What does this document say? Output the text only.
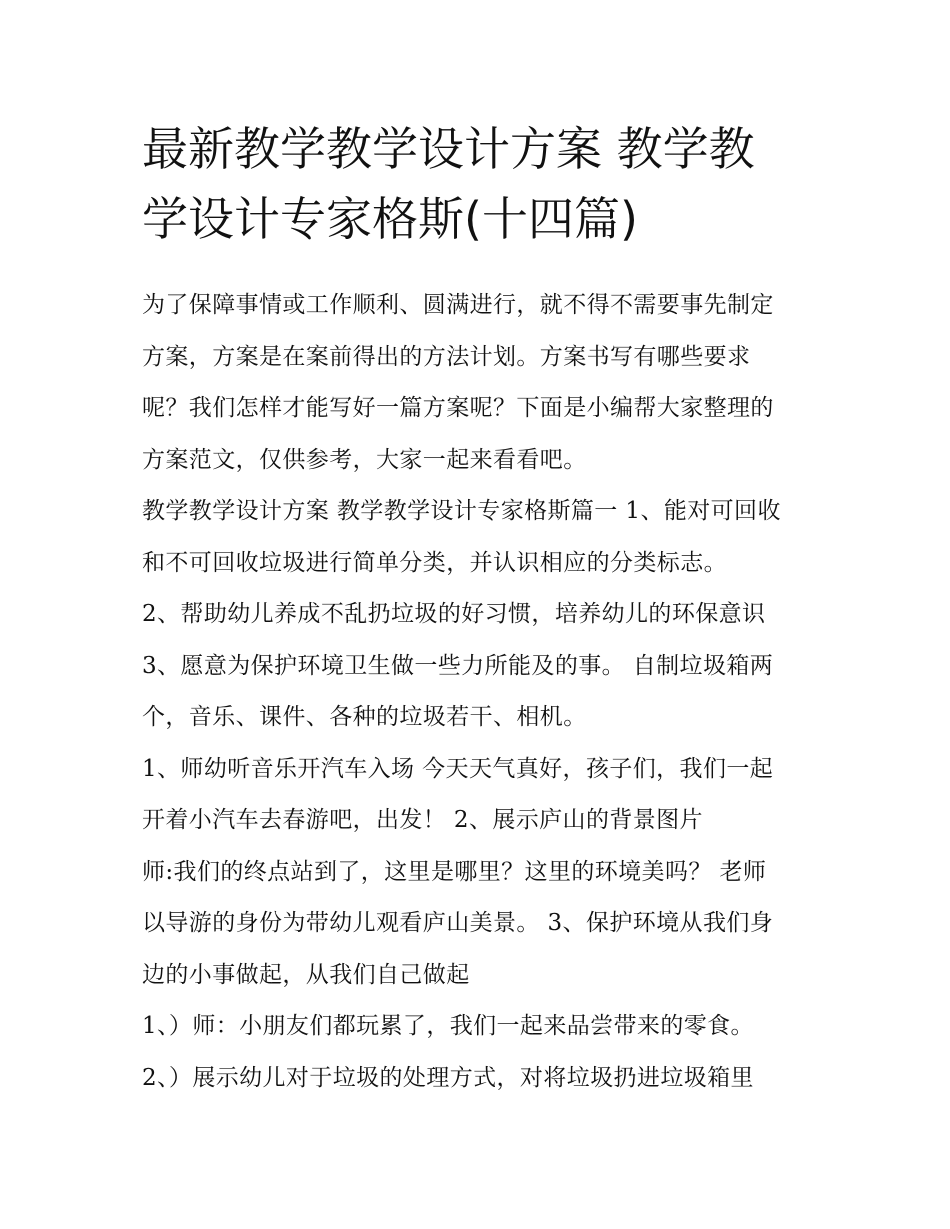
最新教学教学设计方案 教学教
学设计专家格斯(十四篇)

为了保障事情或工作顺利、圆满进行，就不得不需要事先制定
方案，方案是在案前得出的方法计划。方案书写有哪些要求
呢？我们怎样才能写好一篇方案呢？下面是小编帮大家整理的
方案范文，仅供参考，大家一起来看看吧。

教学教学设计方案 教学教学设计专家格斯篇一 1、能对可回收
和不可回收垃圾进行简单分类，并认识相应的分类标志。

2、帮助幼儿养成不乱扔垃圾的好习惯，培养幼儿的环保意识

3、愿意为保护环境卫生做一些力所能及的事。 自制垃圾箱两
个，音乐、课件、各种的垃圾若干、相机。

1、师幼听音乐开汽车入场 今天天气真好，孩子们，我们一起
开着小汽车去春游吧，出发！ 2、展示庐山的背景图片
师:我们的终点站到了，这里是哪里？这里的环境美吗？ 老师
以导游的身份为带幼儿观看庐山美景。 3、保护环境从我们身
边的小事做起，从我们自己做起

1、）师：小朋友们都玩累了，我们一起来品尝带来的零食。

2、）展示幼儿对于垃圾的处理方式，对将垃圾扔进垃圾箱里
